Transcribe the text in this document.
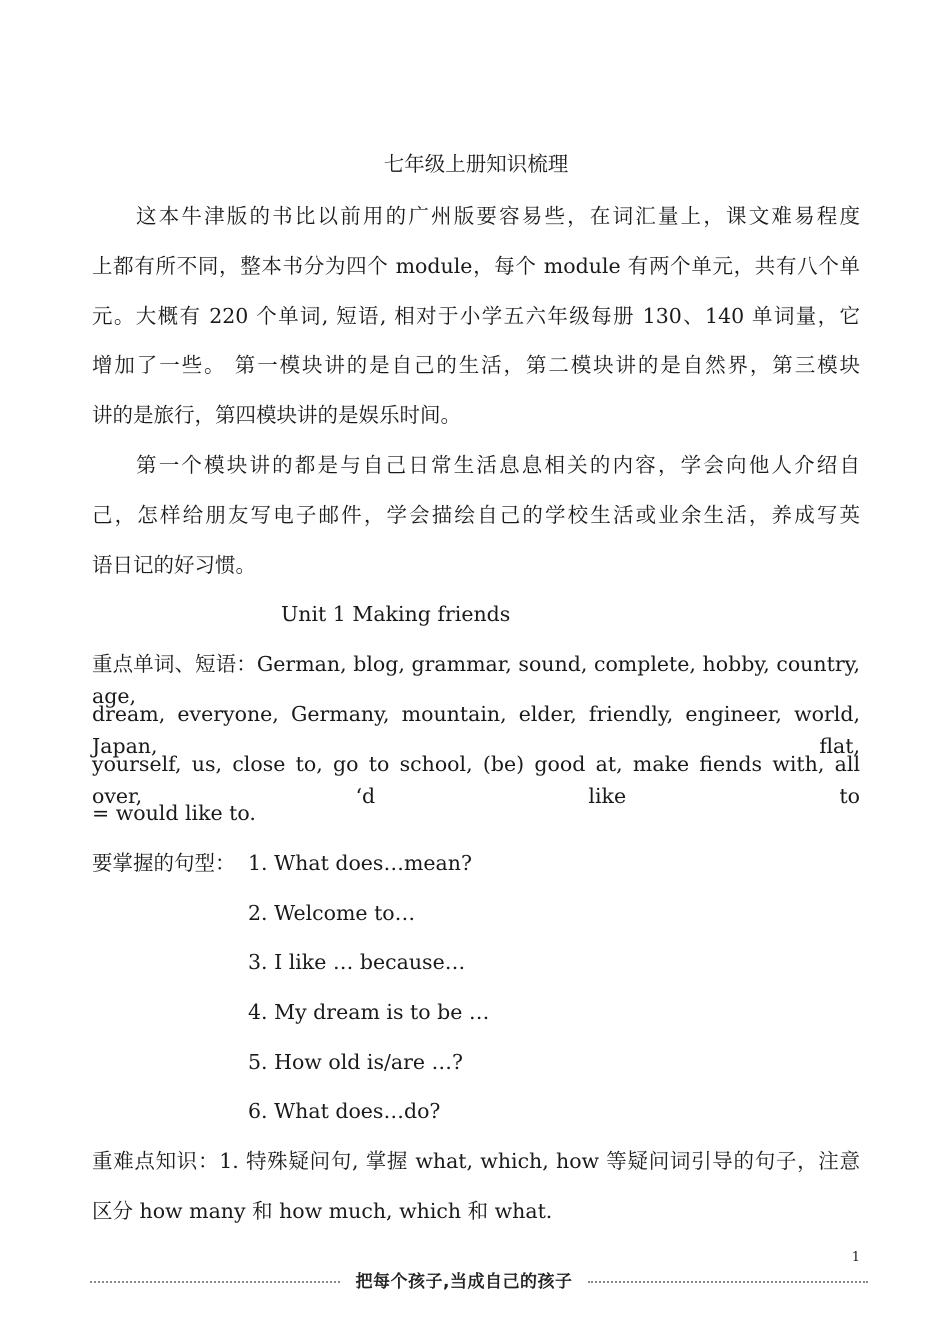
七年级上册知识梳理
这本牛津版的书比以前用的广州版要容易些，在词汇量上，课文难易程度
上都有所不同，整本书分为四个 module，每个 module 有两个单元，共有八个单
元。大概有 220 个单词, 短语, 相对于小学五六年级每册 130、140 单词量，它
增加了一些。 第一模块讲的是自己的生活，第二模块讲的是自然界，第三模块
讲的是旅行，第四模块讲的是娱乐时间。
第一个模块讲的都是与自己日常生活息息相关的内容，学会向他人介绍自
己，怎样给朋友写电子邮件，学会描绘自己的学校生活或业余生活，养成写英
语日记的好习惯。
Unit 1 Making friends
重点单词、短语：German, blog, grammar, sound, complete, hobby, country, age,
dream, everyone, Germany, mountain, elder, friendly, engineer, world, Japan, flat,
yourself, us, close to, go to school, (be) good at, make fiends with, all over, ‘d like to
= would like to.
要掌握的句型： 1. What does…mean?
2. Welcome to…
3. I like … because…
4. My dream is to be …
5. How old is/are …?
6. What does…do?
重难点知识：1. 特殊疑问句, 掌握 what, which, how 等疑问词引导的句子，注意
区分 how many 和 how much, which 和 what.
1
把每个孩子,当成自己的孩子
